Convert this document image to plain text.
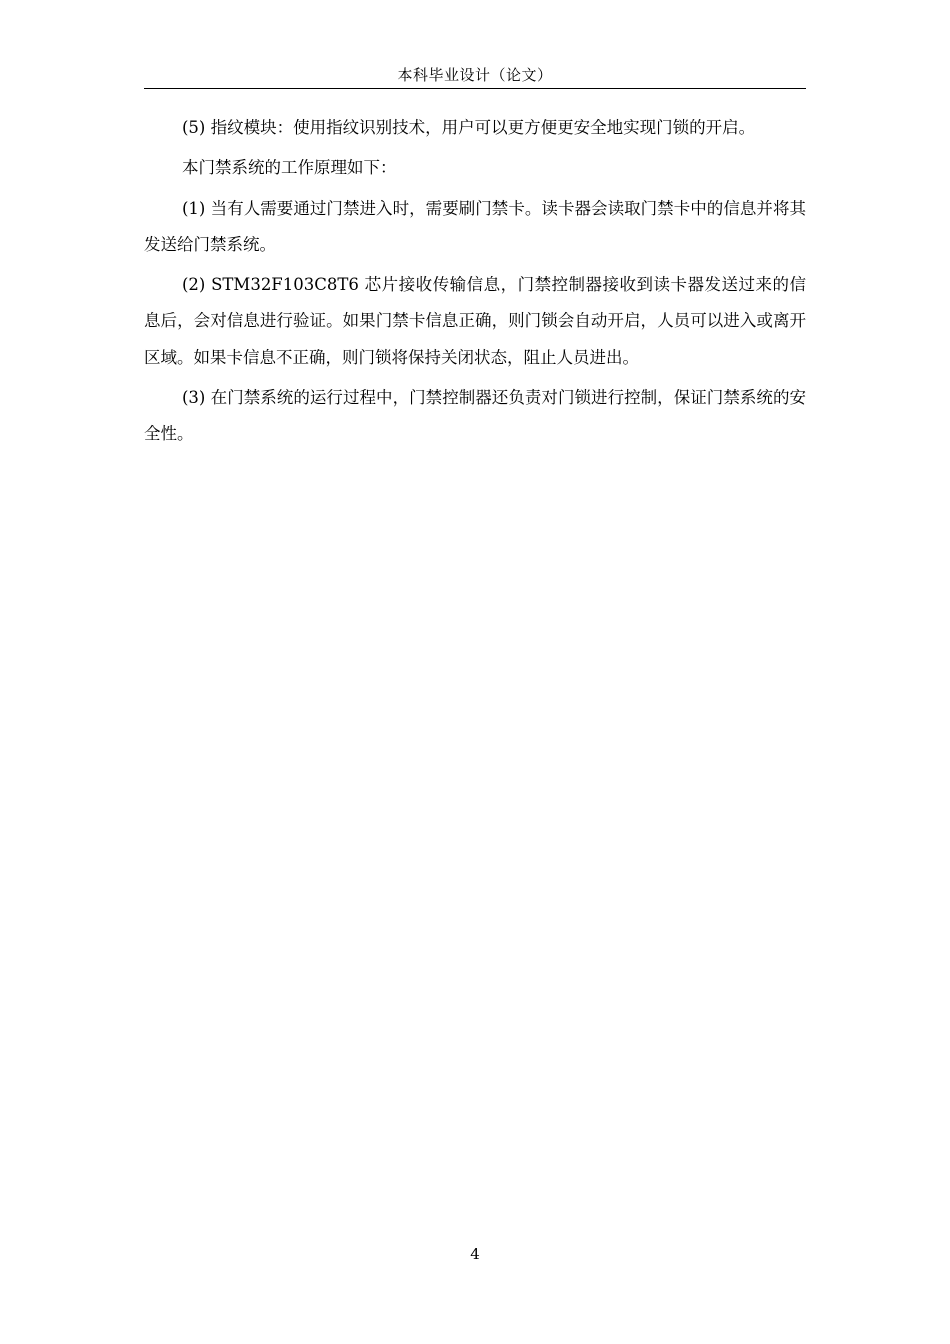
本科毕业设计（论文）

(5) 指纹模块：使用指纹识别技术，用户可以更方便更安全地实现门锁的开启。

本门禁系统的工作原理如下：

(1) 当有人需要通过门禁进入时，需要刷门禁卡。读卡器会读取门禁卡中的信息并将其发送给门禁系统。

(2) STM32F103C8T6 芯片接收传输信息，门禁控制器接收到读卡器发送过来的信息后，会对信息进行验证。如果门禁卡信息正确，则门锁会自动开启，人员可以进入或离开区域。如果卡信息不正确，则门锁将保持关闭状态，阻止人员进出。

(3) 在门禁系统的运行过程中，门禁控制器还负责对门锁进行控制，保证门禁系统的安全性。

4
